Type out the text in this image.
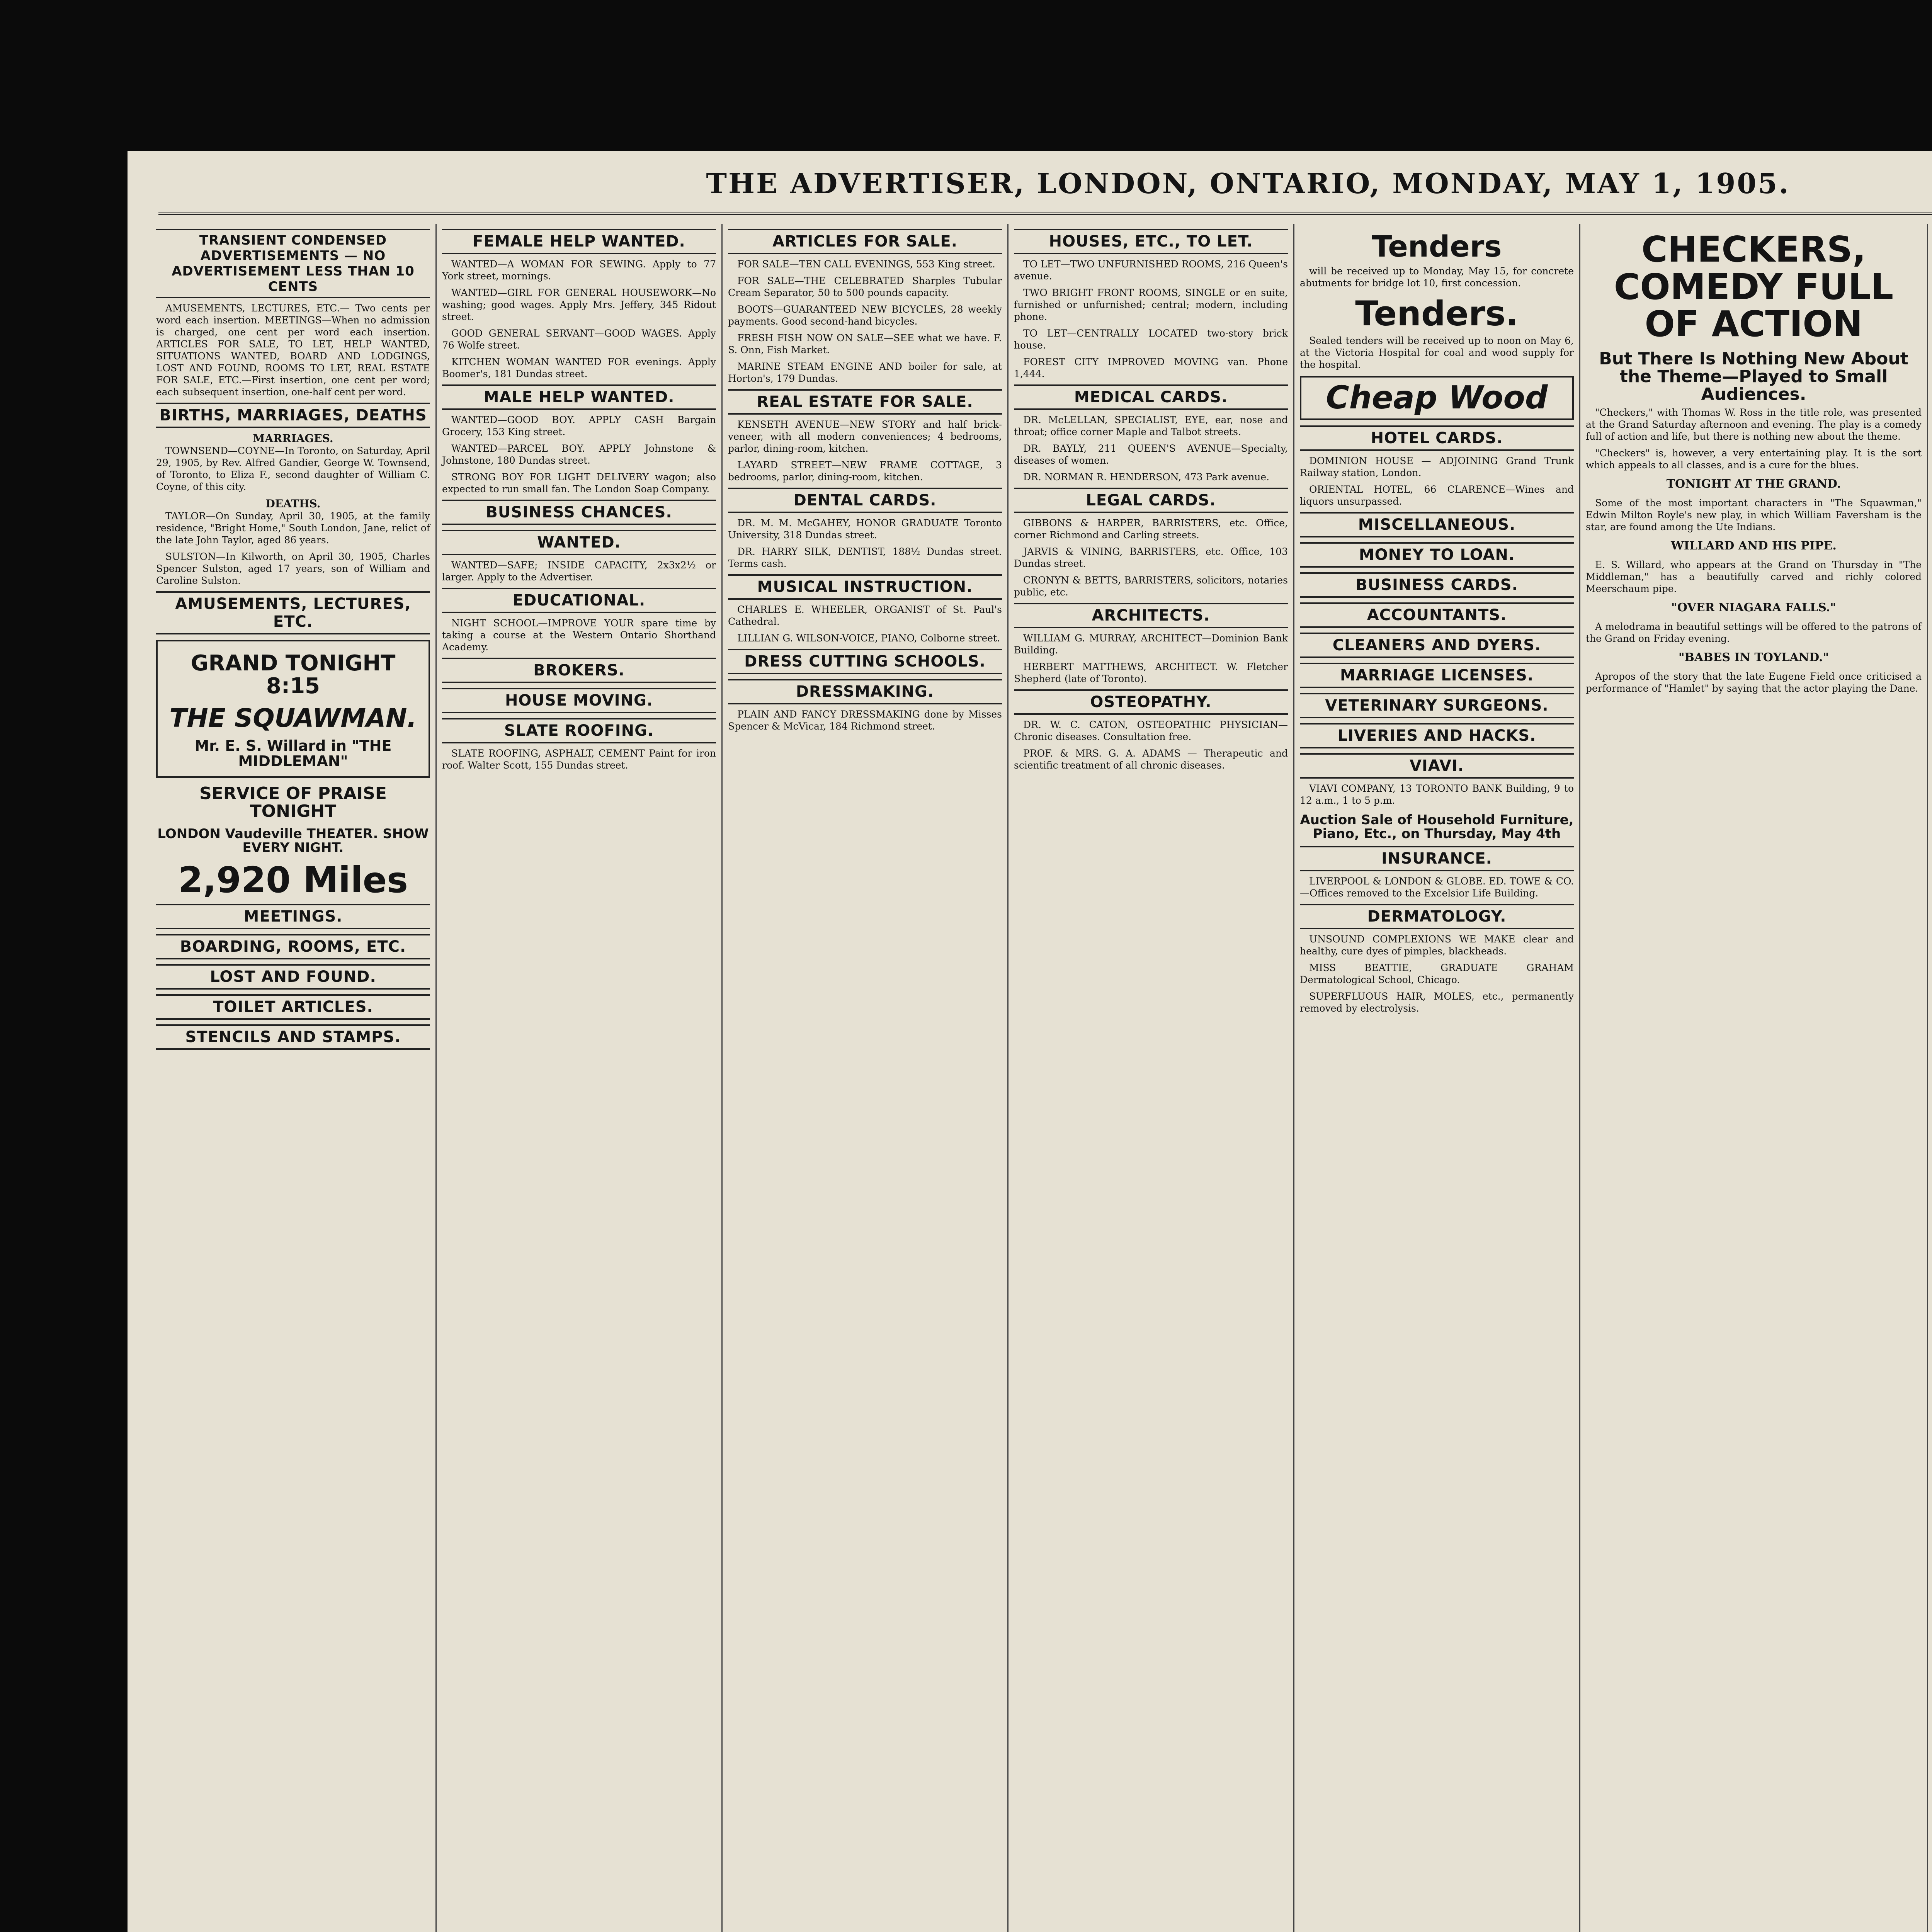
THE ADVERTISER, LONDON, ONTARIO, MONDAY, MAY 1, 1905.
TRANSIENT CONDENSED ADVERTISEMENTS — NO ADVERTISEMENT LESS THAN 10 CENTS

AMUSEMENTS, LECTURES, ETC.— Two cents per word each insertion. MEETINGS—When no admission is charged, one cent per word each insertion. ARTICLES FOR SALE, TO LET, HELP WANTED, SITUATIONS WANTED, BOARD AND LODGINGS, LOST AND FOUND, ROOMS TO LET, REAL ESTATE FOR SALE, ETC.—First insertion, one cent per word; each subsequent insertion, one-half cent per word.

BIRTHS, MARRIAGES, DEATHS
MARRIAGES.

TOWNSEND—COYNE—In Toronto, on Saturday, April 29, 1905, by Rev. Alfred Gandier, George W. Townsend, of Toronto, to Eliza F., second daughter of William C. Coyne, of this city.

DEATHS.

TAYLOR—On Sunday, April 30, 1905, at the family residence, "Bright Home," South London, Jane, relict of the late John Taylor, aged 86 years.

SULSTON—In Kilworth, on April 30, 1905, Charles Spencer Sulston, aged 17 years, son of William and Caroline Sulston.

AMUSEMENTS, LECTURES, ETC.
GRAND TONIGHT 8:15
THE SQUAWMAN.
Mr. E. S. Willard in "THE MIDDLEMAN"
SERVICE OF PRAISE TONIGHT
LONDON Vaudeville THEATER. SHOW EVERY NIGHT.
2,920 Miles
MEETINGS.
BOARDING, ROOMS, ETC.
LOST AND FOUND.
TOILET ARTICLES.
STENCILS AND STAMPS.
FEMALE HELP WANTED.

WANTED—A WOMAN FOR SEWING. Apply to 77 York street, mornings.

WANTED—GIRL FOR GENERAL HOUSEWORK—No washing; good wages. Apply Mrs. Jeffery, 345 Ridout street.

GOOD GENERAL SERVANT—GOOD WAGES. Apply 76 Wolfe street.

KITCHEN WOMAN WANTED FOR evenings. Apply Boomer's, 181 Dundas street.

MALE HELP WANTED.

WANTED—GOOD BOY. APPLY CASH Bargain Grocery, 153 King street.

WANTED—PARCEL BOY. APPLY Johnstone & Johnstone, 180 Dundas street.

STRONG BOY FOR LIGHT DELIVERY wagon; also expected to run small fan. The London Soap Company.

BUSINESS CHANCES.
WANTED.

WANTED—SAFE; INSIDE CAPACITY, 2x3x2½ or larger. Apply to the Advertiser.

EDUCATIONAL.

NIGHT SCHOOL—IMPROVE YOUR spare time by taking a course at the Western Ontario Shorthand Academy.

BROKERS.
HOUSE MOVING.
SLATE ROOFING.

SLATE ROOFING, ASPHALT, CEMENT Paint for iron roof. Walter Scott, 155 Dundas street.

ARTICLES FOR SALE.

FOR SALE—TEN CALL EVENINGS, 553 King street.

FOR SALE—THE CELEBRATED Sharples Tubular Cream Separator, 50 to 500 pounds capacity.

BOOTS—GUARANTEED NEW BICYCLES, 28 weekly payments. Good second-hand bicycles.

FRESH FISH NOW ON SALE—SEE what we have. F. S. Onn, Fish Market.

MARINE STEAM ENGINE AND boiler for sale, at Horton's, 179 Dundas.

REAL ESTATE FOR SALE.

KENSETH AVENUE—NEW STORY and half brick-veneer, with all modern conveniences; 4 bedrooms, parlor, dining-room, kitchen.

LAYARD STREET—NEW FRAME COTTAGE, 3 bedrooms, parlor, dining-room, kitchen.

DENTAL CARDS.

DR. M. M. McGAHEY, HONOR GRADUATE Toronto University, 318 Dundas street.

DR. HARRY SILK, DENTIST, 188½ Dundas street. Terms cash.

MUSICAL INSTRUCTION.

CHARLES E. WHEELER, ORGANIST of St. Paul's Cathedral.

LILLIAN G. WILSON-VOICE, PIANO, Colborne street.

DRESS CUTTING SCHOOLS.
DRESSMAKING.

PLAIN AND FANCY DRESSMAKING done by Misses Spencer & McVicar, 184 Richmond street.

HOUSES, ETC., TO LET.

TO LET—TWO UNFURNISHED ROOMS, 216 Queen's avenue.

TWO BRIGHT FRONT ROOMS, SINGLE or en suite, furnished or unfurnished; central; modern, including phone.

TO LET—CENTRALLY LOCATED two-story brick house.

FOREST CITY IMPROVED MOVING van. Phone 1,444.

MEDICAL CARDS.

DR. McLELLAN, SPECIALIST, EYE, ear, nose and throat; office corner Maple and Talbot streets.

DR. BAYLY, 211 QUEEN'S AVENUE—Specialty, diseases of women.

DR. NORMAN R. HENDERSON, 473 Park avenue.

LEGAL CARDS.

GIBBONS & HARPER, BARRISTERS, etc. Office, corner Richmond and Carling streets.

JARVIS & VINING, BARRISTERS, etc. Office, 103 Dundas street.

CRONYN & BETTS, BARRISTERS, solicitors, notaries public, etc.

ARCHITECTS.

WILLIAM G. MURRAY, ARCHITECT—Dominion Bank Building.

HERBERT MATTHEWS, ARCHITECT. W. Fletcher Shepherd (late of Toronto).

OSTEOPATHY.

DR. W. C. CATON, OSTEOPATHIC PHYSICIAN—Chronic diseases. Consultation free.

PROF. & MRS. G. A. ADAMS — Therapeutic and scientific treatment of all chronic diseases.

Tenders

will be received up to Monday, May 15, for concrete abutments for bridge lot 10, first concession.

Tenders.

Sealed tenders will be received up to noon on May 6, at the Victoria Hospital for coal and wood supply for the hospital.

Cheap Wood
HOTEL CARDS.

DOMINION HOUSE — ADJOINING Grand Trunk Railway station, London.

ORIENTAL HOTEL, 66 CLARENCE—Wines and liquors unsurpassed.

MISCELLANEOUS.
MONEY TO LOAN.
BUSINESS CARDS.
ACCOUNTANTS.
CLEANERS AND DYERS.
MARRIAGE LICENSES.
VETERINARY SURGEONS.
LIVERIES AND HACKS.
VIAVI.

VIAVI COMPANY, 13 TORONTO BANK Building, 9 to 12 a.m., 1 to 5 p.m.

Auction Sale of Household Furniture, Piano, Etc., on Thursday, May 4th
INSURANCE.

LIVERPOOL & LONDON & GLOBE. ED. TOWE & CO.—Offices removed to the Excelsior Life Building.

DERMATOLOGY.

UNSOUND COMPLEXIONS WE MAKE clear and healthy, cure dyes of pimples, blackheads.

MISS BEATTIE, GRADUATE GRAHAM Dermatological School, Chicago.

SUPERFLUOUS HAIR, MOLES, etc., permanently removed by electrolysis.

CHECKERS, COMEDY FULL OF ACTION
But There Is Nothing New About the Theme—Played to Small Audiences.

"Checkers," with Thomas W. Ross in the title role, was presented at the Grand Saturday afternoon and evening. The play is a comedy full of action and life, but there is nothing new about the theme.

"Checkers" is, however, a very entertaining play. It is the sort which appeals to all classes, and is a cure for the blues.

TONIGHT AT THE GRAND.

Some of the most important characters in "The Squawman," Edwin Milton Royle's new play, in which William Faversham is the star, are found among the Ute Indians.

WILLARD AND HIS PIPE.

E. S. Willard, who appears at the Grand on Thursday in "The Middleman," has a beautifully carved and richly colored Meerschaum pipe.

"OVER NIAGARA FALLS."

A melodrama in beautiful settings will be offered to the patrons of the Grand on Friday evening.

"BABES IN TOYLAND."

Apropos of the story that the late Eugene Field once criticised a performance of "Hamlet" by saying that the actor playing the Dane.
